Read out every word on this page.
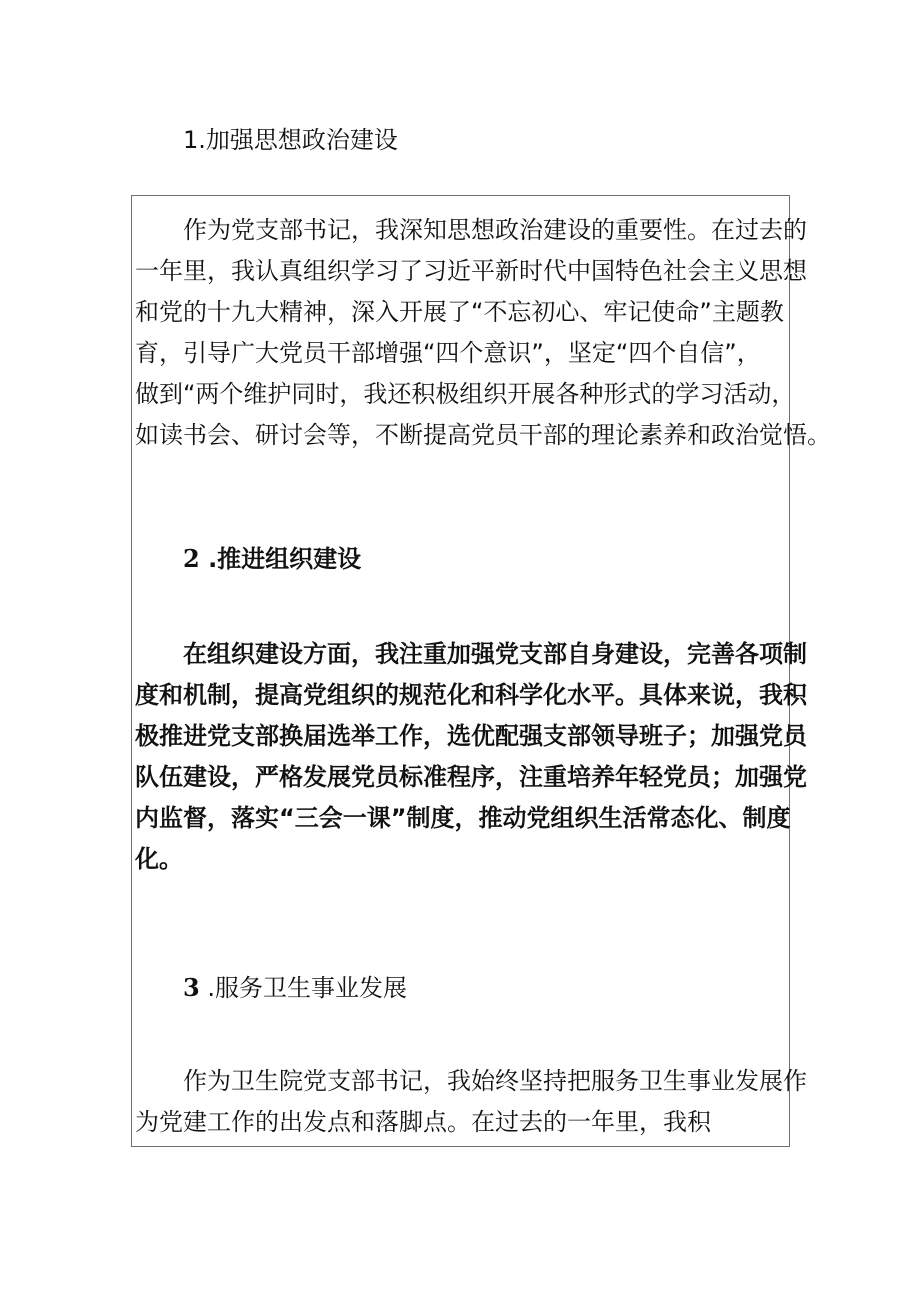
1.加强思想政治建设
作为党支部书记，我深知思想政治建设的重要性。在过去的
一年里，我认真组织学习了习近平新时代中国特色社会主义思想
和党的十九大精神，深入开展了“不忘初心、牢记使命”主题教
育，引导广大党员干部增强“四个意识”，坚定“四个自信”，
做到“两个维护同时，我还积极组织开展各种形式的学习活动，
如读书会、研讨会等，不断提高党员干部的理论素养和政治觉悟。
2 .推进组织建设
在组织建设方面，我注重加强党支部自身建设，完善各项制
度和机制，提高党组织的规范化和科学化水平。具体来说，我积
极推进党支部换届选举工作，选优配强支部领导班子；加强党员
队伍建设，严格发展党员标准程序，注重培养年轻党员；加强党
内监督，落实“三会一课”制度，推动党组织生活常态化、制度
化。
3 .服务卫生事业发展
作为卫生院党支部书记，我始终坚持把服务卫生事业发展作
为党建工作的出发点和落脚点。在过去的一年里，我积
